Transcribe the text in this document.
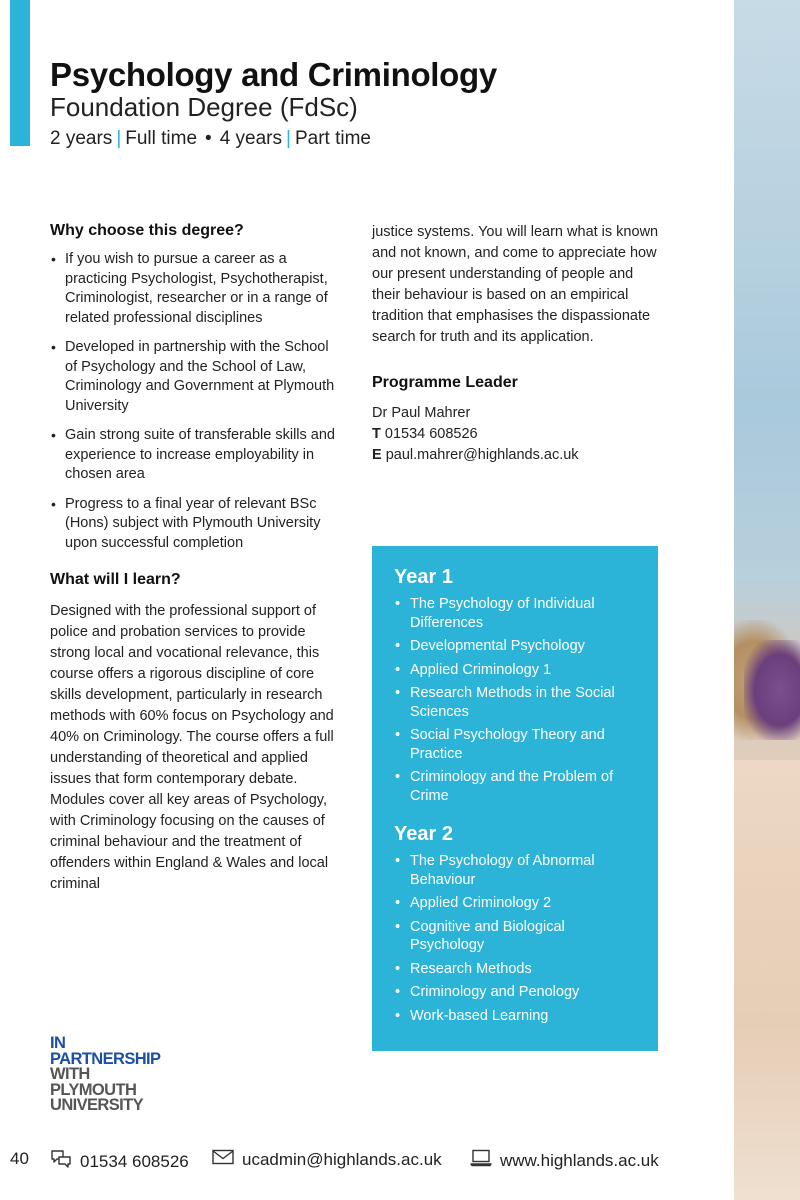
Psychology and Criminology
Foundation Degree (FdSc)
2 years | Full time • 4 years | Part time
Why choose this degree?
• If you wish to pursue a career as a practicing Psychologist, Psychotherapist, Criminologist, researcher or in a range of related professional disciplines
• Developed in partnership with the School of Psychology and the School of Law, Criminology and Government at Plymouth University
• Gain strong suite of transferable skills and experience to increase employability in chosen area
• Progress to a final year of relevant BSc (Hons) subject with Plymouth University upon successful completion
What will I learn?

Designed with the professional support of police and probation services to provide strong local and vocational relevance, this course offers a rigorous discipline of core skills development, particularly in research methods with 60% focus on Psychology and 40% on Criminology. The course offers a full understanding of theoretical and applied issues that form contemporary debate. Modules cover all key areas of Psychology, with Criminology focusing on the causes of criminal behaviour and the treatment of offenders within England & Wales and local criminal

justice systems. You will learn what is known and not known, and come to appreciate how our present understanding of people and their behaviour is based on an empirical tradition that emphasises the dispassionate search for truth and its application.

Programme Leader
Dr Paul Mahrer
T 01534 608526
E paul.mahrer@highlands.ac.uk
Year 1
• The Psychology of Individual Differences
• Developmental Psychology
• Applied Criminology 1
• Research Methods in the Social Sciences
• Social Psychology Theory and Practice
• Criminology and the Problem of Crime
Year 2
• The Psychology of Abnormal Behaviour
• Applied Criminology 2
• Cognitive and Biological Psychology
• Research Methods
• Criminology and Penology
• Work-based Learning
IN
PARTNERSHIP
WITH
PLYMOUTH
UNIVERSITY
40	01534 608526	ucadmin@highlands.ac.uk	www.highlands.ac.uk
